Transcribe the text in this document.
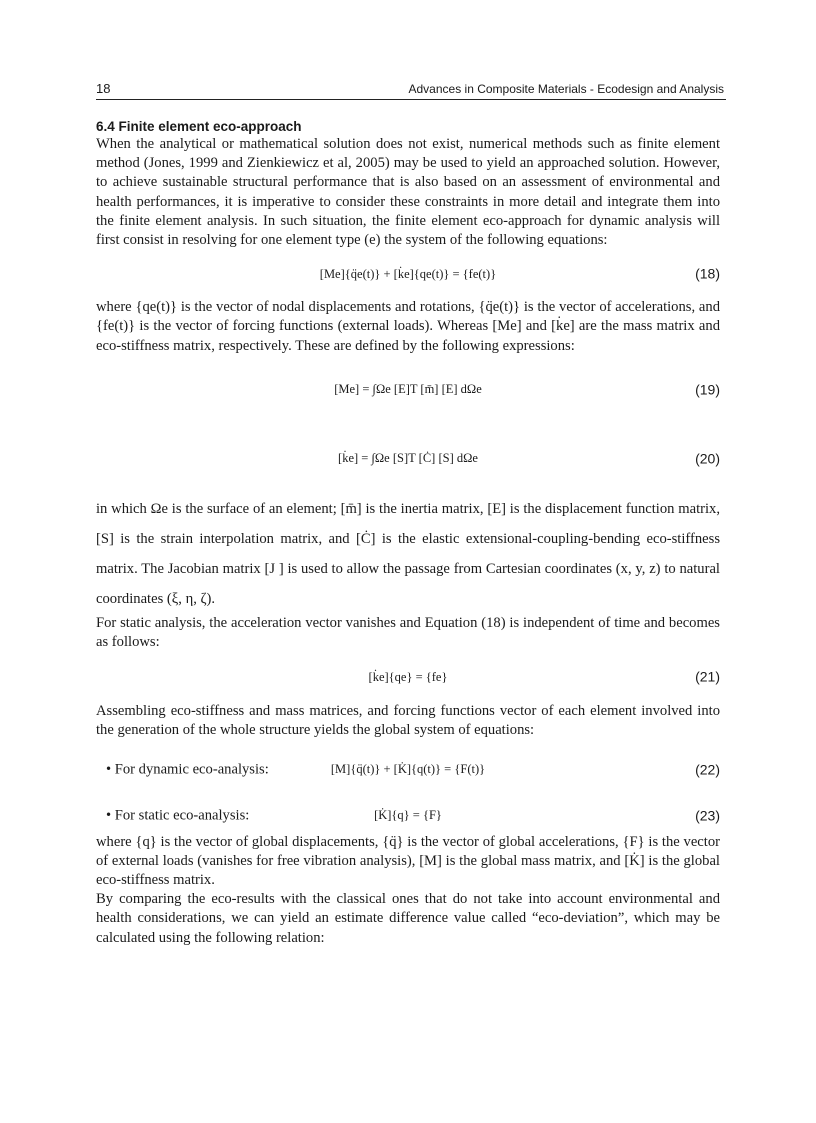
18	Advances in Composite Materials - Ecodesign and Analysis
6.4 Finite element eco-approach

When the analytical or mathematical solution does not exist, numerical methods such as finite element method (Jones, 1999 and Zienkiewicz et al, 2005) may be used to yield an approached solution. However, to achieve sustainable structural performance that is also based on an assessment of environmental and health performances, it is imperative to consider these constraints in more detail and integrate them into the finite element analysis. In such situation, the finite element eco-approach for dynamic analysis will first consist in resolving for one element type (e) the system of the following equations:

[Me]{q̈e(t)} + [k̇e]{qe(t)} = {fe(t)}	(18)

where {qe(t)} is the vector of nodal displacements and rotations, {q̈e(t)} is the vector of accelerations, and {fe(t)} is the vector of forcing functions (external loads). Whereas [Me] and [k̇e] are the mass matrix and eco-stiffness matrix, respectively. These are defined by the following expressions:

[Me] = ∫Ωe [E]T [m̄] [E] dΩe	(19)
[k̇e] = ∫Ωe [S]T [Ċ] [S] dΩe	(20)

in which Ωe is the surface of an element; [m̄] is the inertia matrix, [E] is the displacement function matrix, [S] is the strain interpolation matrix, and [Ċ] is the elastic extensional-coupling-bending eco-stiffness matrix. The Jacobian matrix [J ] is used to allow the passage from Cartesian coordinates (x, y, z) to natural coordinates (ξ, η, ζ).

For static analysis, the acceleration vector vanishes and Equation (18) is independent of time and becomes as follows:

[k̇e]{qe} = {fe}	(21)

Assembling eco-stiffness and mass matrices, and forcing functions vector of each element involved into the generation of the whole structure yields the global system of equations:

• For dynamic eco-analysis:	[M]{q̈(t)} + [K̇]{q(t)} = {F(t)}	(22)
• For static eco-analysis:	[K̇]{q} = {F}	(23)

where {q} is the vector of global displacements, {q̈} is the vector of global accelerations, {F} is the vector of external loads (vanishes for free vibration analysis), [M] is the global mass matrix, and [K̇] is the global eco-stiffness matrix.

By comparing the eco-results with the classical ones that do not take into account environmental and health considerations, we can yield an estimate difference value called “eco-deviation”, which may be calculated using the following relation:
